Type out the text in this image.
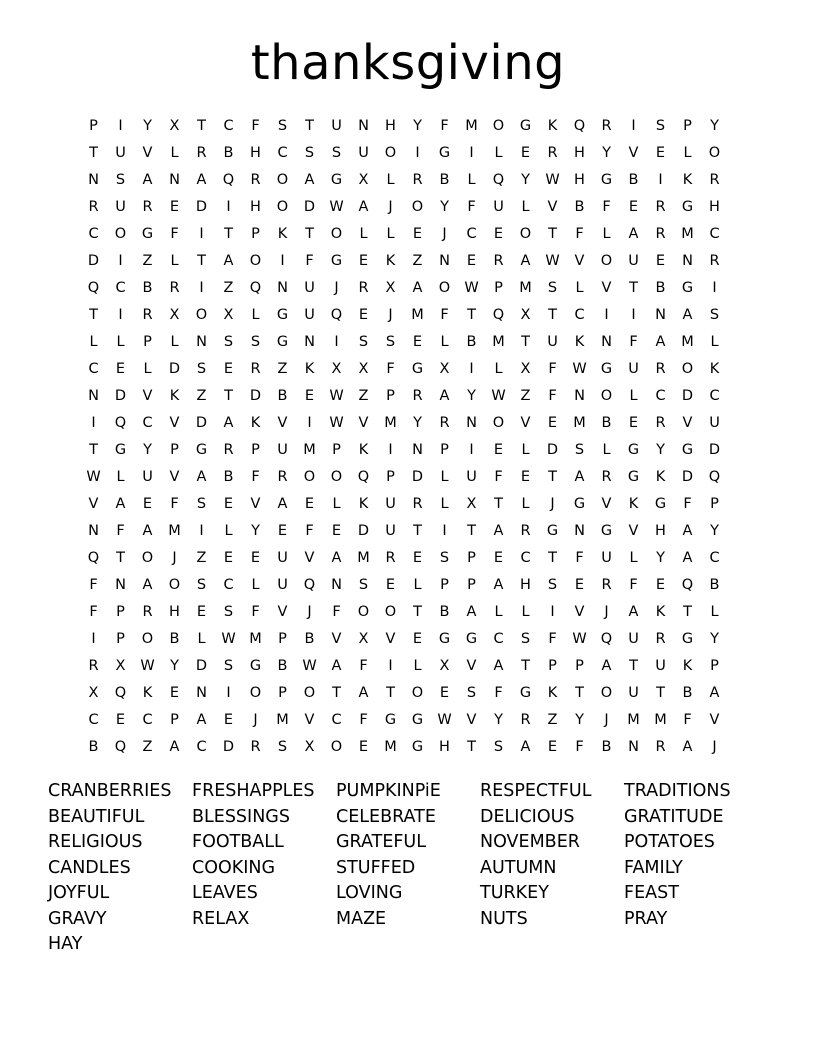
thanksgiving
P	I	Y	X	T	C	F	S	T	U	N	H	Y	F	M	O	G	K	Q	R	I	S	P	Y
T	U	V	L	R	B	H	C	S	S	U	O	I	G	I	L	E	R	H	Y	V	E	L	O
N	S	A	N	A	Q	R	O	A	G	X	L	R	B	L	Q	Y	W H	G	B	I	K	R
R	U	R	E	D	I	H	O	D W	A	J	O	Y	F	U	L	V	B	F	E	R	G	H
C	O	G	F	I	T	P	K	T	O	L	L	E	J	C	E	O	T	F	L	A	R	M	C
D	I	Z	L	T	A	O	I	F	G	E	K	Z	N	E	R	A	W	V	O	U	E	N	R
Q	C	B	R	I	Z	Q	N	U	J	R	X	A	O W	P	M	S	L	V	T	B	G	I
T	I	R	X	O	X	L	G	U	Q	E	J	M	F	T	Q	X	T	C	I	I	N	A	S
L	L	P	L	N	S	S	G	N	I	S	S	E	L	B	M	T	U	K	N	F	A	M	L
C	E	L	D	S	E	R	Z	K	X	X	F	G	X	I	L	X	F	W G	U	R	O	K
N	D	V	K	Z	T	D	B	E	W	Z	P	R	A	Y	W	Z	F	N	O	L	C	D	C
I	Q	C	V	D	A	K	V	I	W	V	M	Y	R	N	O	V	E	M	B	E	R	V	U
T	G	Y	P	G	R	P	U	M	P	K	I	N	P	I	E	L	D	S	L	G	Y	G	D
W	L	U	V	A	B	F	R	O	O	Q	P	D	L	U	F	E	T	A	R	G	K	D	Q
V	A	E	F	S	E	V	A	E	L	K	U	R	L	X	T	L	J	G	V	K	G	F	P
N	F	A	M	I	L	Y	E	F	E	D	U	T	I	T	A	R	G	N	G	V	H	A	Y
Q	T	O	J	Z	E	E	U	V	A	M	R	E	S	P	E	C	T	F	U	L	Y	A	C
F	N	A	O	S	C	L	U	Q	N	S	E	L	P	P	A	H	S	E	R	F	E	Q	B
F	P	R	H	E	S	F	V	J	F	O	O	T	B	A	L	L	I	V	J	A	K	T	L
I	P	O	B	L	W M	P	B	V	X	V	E	G	G	C	S	F	W Q	U	R	G	Y
R	X	W	Y	D	S	G	B	W	A	F	I	L	X	V	A	T	P	P	A	T	U	K	P
X	Q	K	E	N	I	O	P	O	T	A	T	O	E	S	F	G	K	T	O	U	T	B	A
C	E	C	P	A	E	J	M	V	C	F	G	G W	V	Y	R	Z	Y	J	M M	F	V
B	Q	Z	A	C	D	R	S	X	O	E	M	G	H	T	S	A	E	F	B	N	R	A	J
CRANBERRIES	FRESHAPPLES	PUMPKINPiE	RESPECTFUL	TRADITIONS
BEAUTIFUL	BLESSINGS	CELEBRATE	DELICIOUS	GRATITUDE
RELIGIOUS	FOOTBALL	GRATEFUL	NOVEMBER	POTATOES
CANDLES	COOKING	STUFFED	AUTUMN	FAMILY
JOYFUL	LEAVES	LOVING	TURKEY	FEAST
GRAVY	RELAX	MAZE	NUTS	PRAY
HAY
